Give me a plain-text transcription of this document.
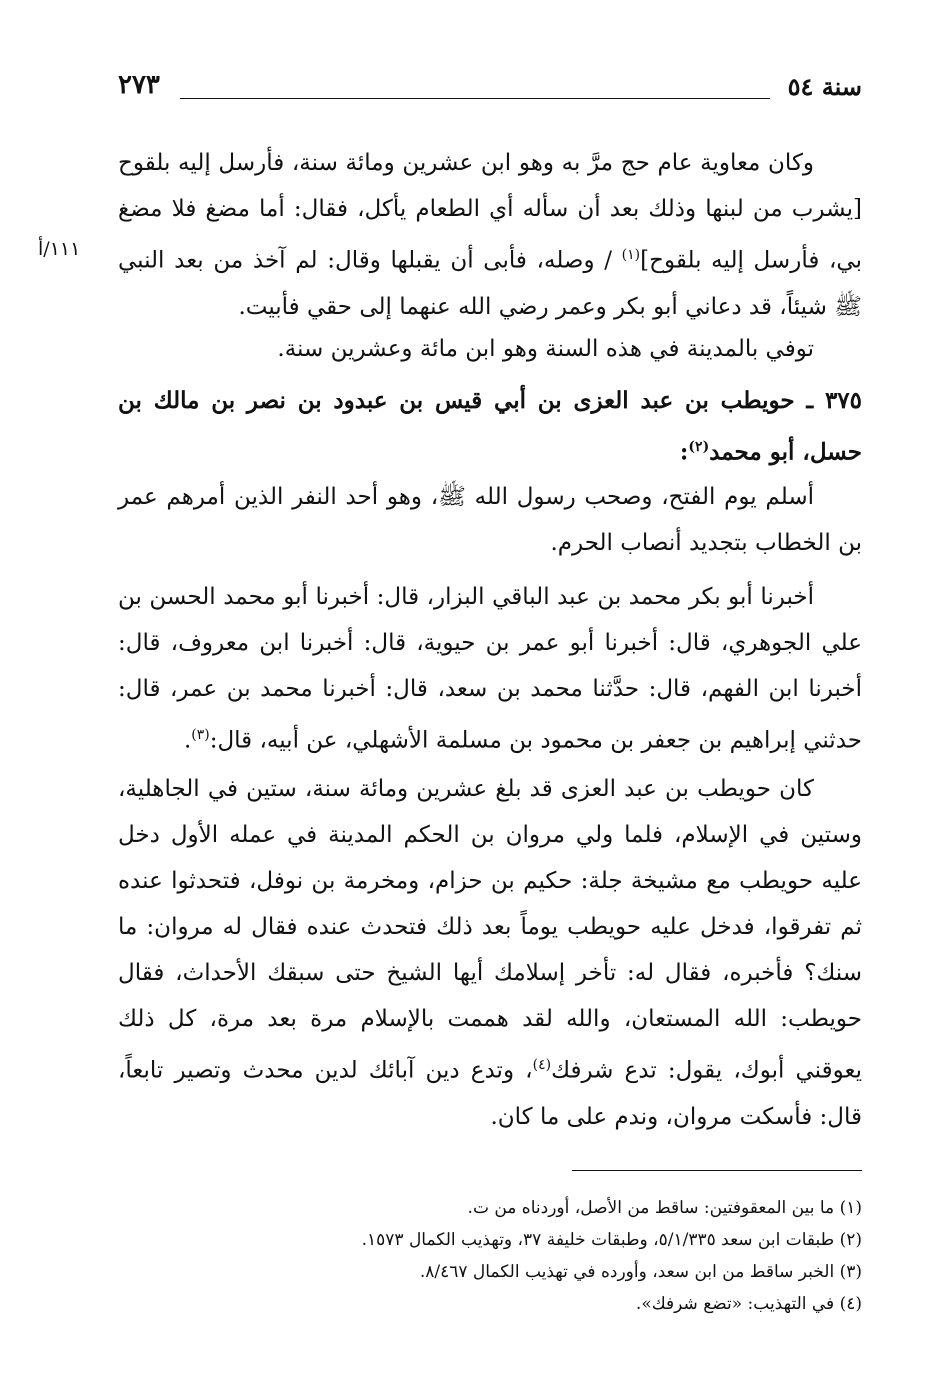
سنة ٥٤
٢٧٣
١١١/أ

وكان معاوية عام حج مرَّ به وهو ابن عشرين ومائة سنة، فأرسل إليه بلقوح [يشرب من لبنها وذلك بعد أن سأله أي الطعام يأكل، فقال: أما مضغ فلا مضغ بي، فأرسل إليه بلقوح]$^{(١)}$ / وصله، فأبى أن يقبلها وقال: لم آخذ من بعد النبي ﷺ شيئاً، قد دعاني أبو بكر وعمر رضي الله عنهما إلى حقي فأبيت.

توفي بالمدينة في هذه السنة وهو ابن مائة وعشرين سنة.

٣٧٥ ـ حويطب بن عبد العزى بن أبي قيس بن عبدود بن نصر بن مالك بن حسل، أبو محمد$^{(٢)}$:

أسلم يوم الفتح، وصحب رسول الله ﷺ، وهو أحد النفر الذين أمرهم عمر بن الخطاب بتجديد أنصاب الحرم.

أخبرنا أبو بكر محمد بن عبد الباقي البزار، قال: أخبرنا أبو محمد الحسن بن علي الجوهري، قال: أخبرنا أبو عمر بن حيوية، قال: أخبرنا ابن معروف، قال: أخبرنا ابن الفهم، قال: حدَّثنا محمد بن سعد، قال: أخبرنا محمد بن عمر، قال: حدثني إبراهيم بن جعفر بن محمود بن مسلمة الأشهلي، عن أبيه، قال:$^{(٣)}$.

كان حويطب بن عبد العزى قد بلغ عشرين ومائة سنة، ستين في الجاهلية، وستين في الإسلام، فلما ولي مروان بن الحكم المدينة في عمله الأول دخل عليه حويطب مع مشيخة جلة: حكيم بن حزام، ومخرمة بن نوفل، فتحدثوا عنده ثم تفرقوا، فدخل عليه حويطب يوماً بعد ذلك فتحدث عنده فقال له مروان: ما سنك؟ فأخبره، فقال له: تأخر إسلامك أيها الشيخ حتى سبقك الأحداث، فقال حويطب: الله المستعان، والله لقد هممت بالإسلام مرة بعد مرة، كل ذلك يعوقني أبوك، يقول: تدع شرفك$^{(٤)}$، وتدع دين آبائك لدين محدث وتصير تابعاً، قال: فأسكت مروان، وندم على ما كان.

(١) ما بين المعقوفتين: ساقط من الأصل، أوردناه من ت.

(٢) طبقات ابن سعد ٥/١/٣٣٥، وطبقات خليفة ٣٧، وتهذيب الكمال ١٥٧٣.

(٣) الخبر ساقط من ابن سعد، وأورده في تهذيب الكمال ٨/٤٦٧.

(٤) في التهذيب: «تضع شرفك».
